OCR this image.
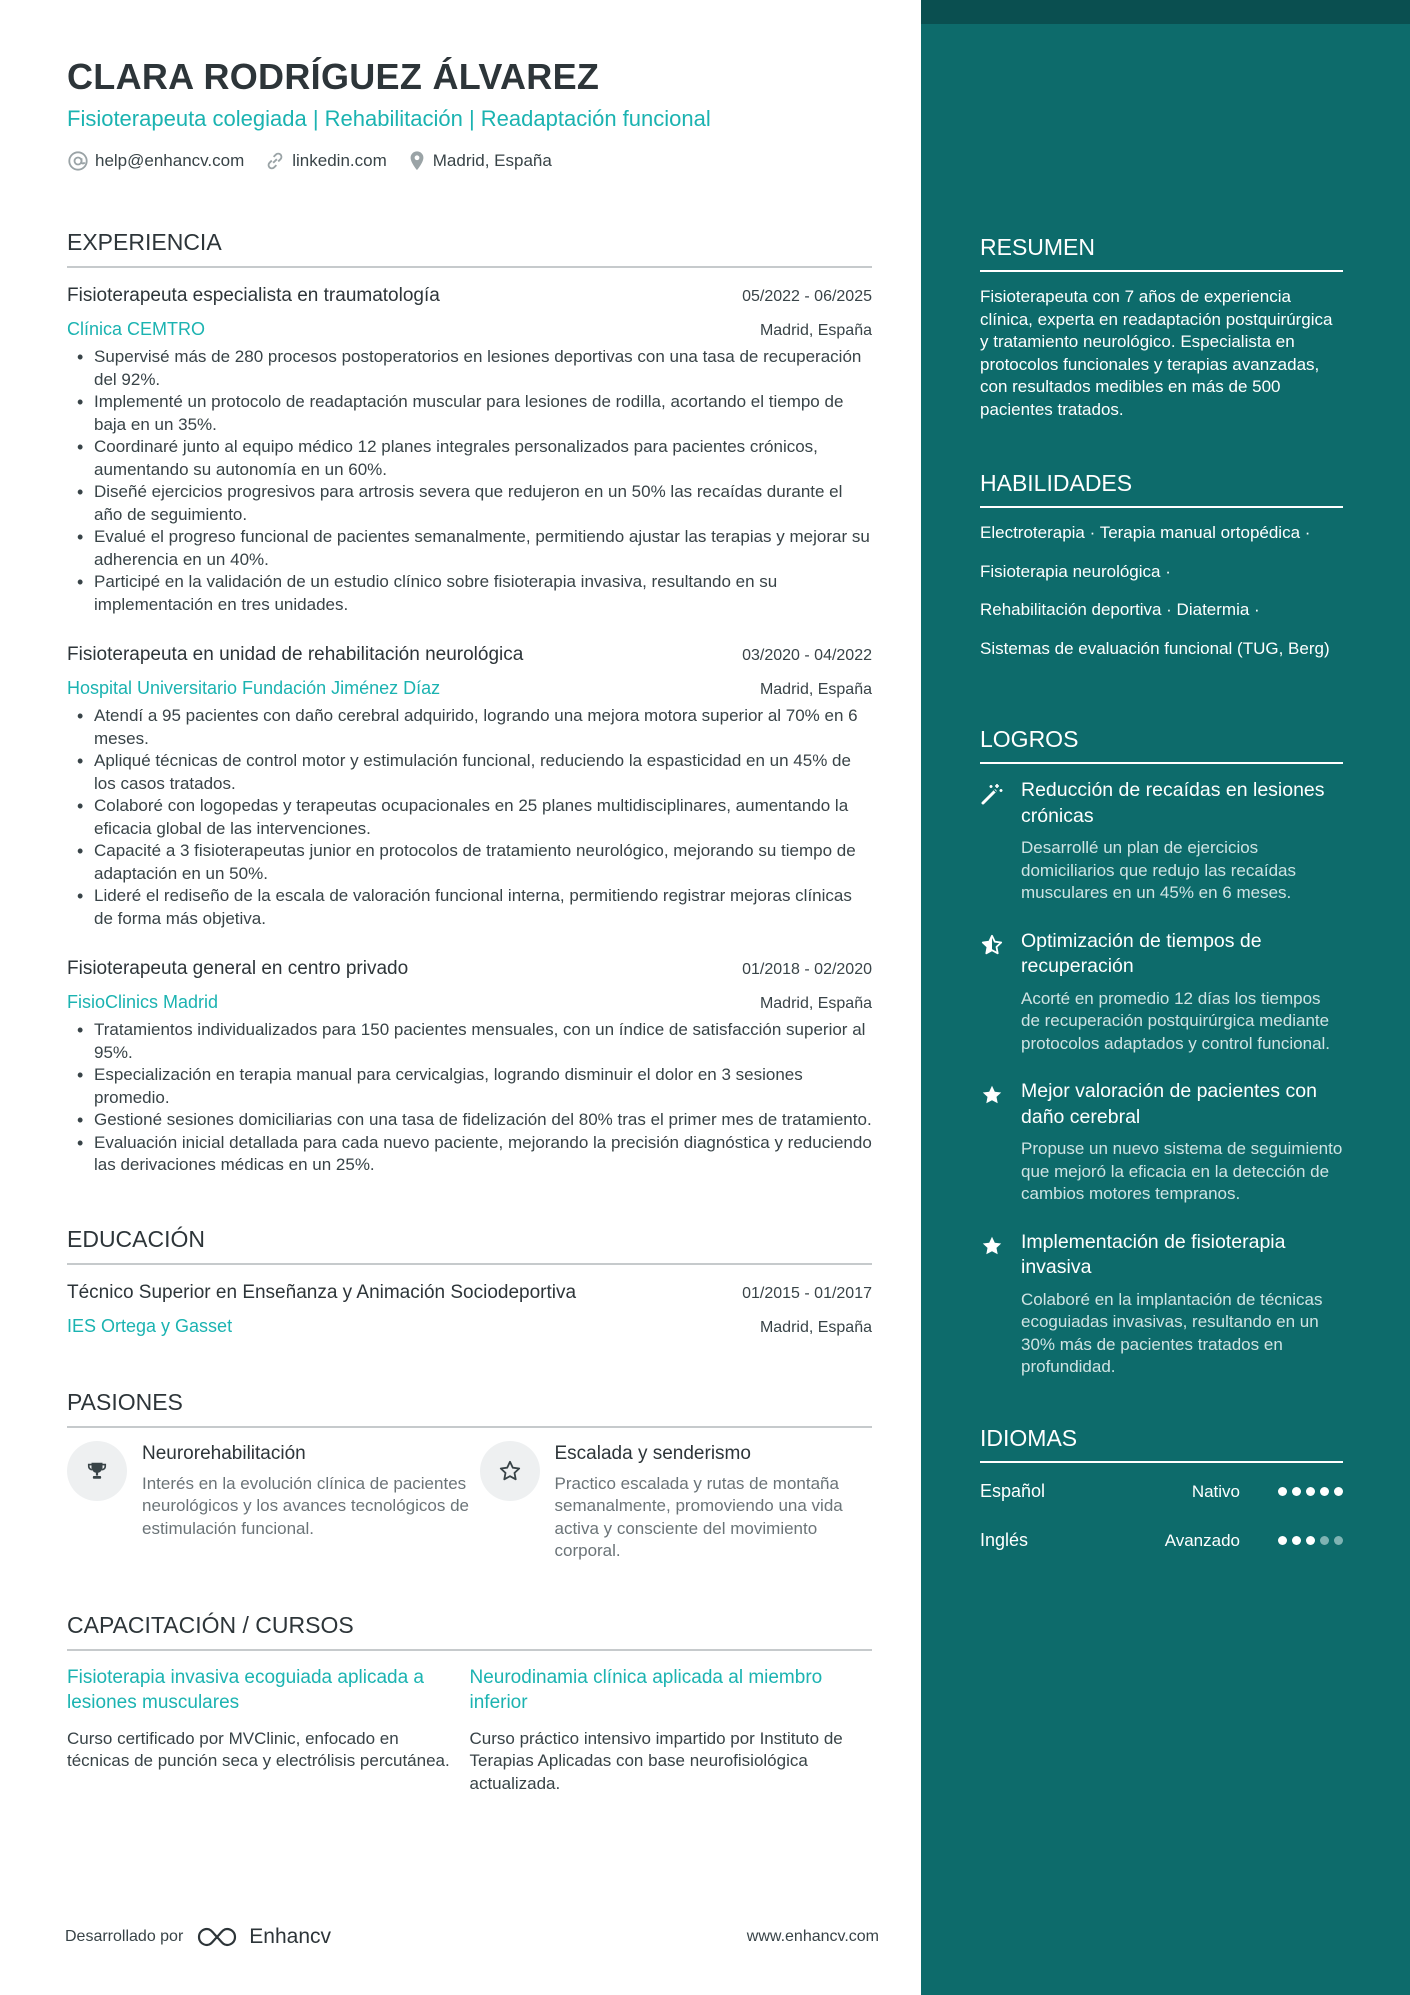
CLARA RODRÍGUEZ ÁLVAREZ
Fisioterapeuta colegiada | Rehabilitación | Readaptación funcional
help@enhancv.com	linkedin.com	Madrid, España
EXPERIENCIA
Fisioterapeuta especialista en traumatología	05/2022 - 06/2025
Clínica CEMTRO	Madrid, España
• Supervisé más de 280 procesos postoperatorios en lesiones deportivas con una tasa de recuperación del 92%.
• Implementé un protocolo de readaptación muscular para lesiones de rodilla, acortando el tiempo de baja en un 35%.
• Coordinaré junto al equipo médico 12 planes integrales personalizados para pacientes crónicos, aumentando su autonomía en un 60%.
• Diseñé ejercicios progresivos para artrosis severa que redujeron en un 50% las recaídas durante el año de seguimiento.
• Evalué el progreso funcional de pacientes semanalmente, permitiendo ajustar las terapias y mejorar su adherencia en un 40%.
• Participé en la validación de un estudio clínico sobre fisioterapia invasiva, resultando en su implementación en tres unidades.
Fisioterapeuta en unidad de rehabilitación neurológica	03/2020 - 04/2022
Hospital Universitario Fundación Jiménez Díaz	Madrid, España
• Atendí a 95 pacientes con daño cerebral adquirido, logrando una mejora motora superior al 70% en 6 meses.
• Apliqué técnicas de control motor y estimulación funcional, reduciendo la espasticidad en un 45% de los casos tratados.
• Colaboré con logopedas y terapeutas ocupacionales en 25 planes multidisciplinares, aumentando la eficacia global de las intervenciones.
• Capacité a 3 fisioterapeutas junior en protocolos de tratamiento neurológico, mejorando su tiempo de adaptación en un 50%.
• Lideré el rediseño de la escala de valoración funcional interna, permitiendo registrar mejoras clínicas de forma más objetiva.
Fisioterapeuta general en centro privado	01/2018 - 02/2020
FisioClinics Madrid	Madrid, España
• Tratamientos individualizados para 150 pacientes mensuales, con un índice de satisfacción superior al 95%.
• Especialización en terapia manual para cervicalgias, logrando disminuir el dolor en 3 sesiones promedio.
• Gestioné sesiones domiciliarias con una tasa de fidelización del 80% tras el primer mes de tratamiento.
• Evaluación inicial detallada para cada nuevo paciente, mejorando la precisión diagnóstica y reduciendo las derivaciones médicas en un 25%.
EDUCACIÓN
Técnico Superior en Enseñanza y Animación Sociodeportiva	01/2015 - 01/2017
IES Ortega y Gasset	Madrid, España
PASIONES
Neurorehabilitación
Interés en la evolución clínica de pacientes neurológicos y los avances tecnológicos de estimulación funcional.
Escalada y senderismo
Practico escalada y rutas de montaña semanalmente, promoviendo una vida activa y consciente del movimiento corporal.
CAPACITACIÓN / CURSOS
Fisioterapia invasiva ecoguiada aplicada a lesiones musculares
Curso certificado por MVClinic, enfocado en técnicas de punción seca y electrólisis percutánea.
Neurodinamia clínica aplicada al miembro inferior
Curso práctico intensivo impartido por Instituto de Terapias Aplicadas con base neurofisiológica actualizada.
Desarrollado por	Enhancv	www.enhancv.com
RESUMEN
Fisioterapeuta con 7 años de experiencia clínica, experta en readaptación postquirúrgica y tratamiento neurológico. Especialista en protocolos funcionales y terapias avanzadas, con resultados medibles en más de 500 pacientes tratados.
HABILIDADES
Electroterapia · Terapia manual ortopédica ·
Fisioterapia neurológica ·
Rehabilitación deportiva · Diatermia ·
Sistemas de evaluación funcional (TUG, Berg)
LOGROS
Reducción de recaídas en lesiones crónicas
Desarrollé un plan de ejercicios domiciliarios que redujo las recaídas musculares en un 45% en 6 meses.
Optimización de tiempos de recuperación
Acorté en promedio 12 días los tiempos de recuperación postquirúrgica mediante protocolos adaptados y control funcional.
Mejor valoración de pacientes con daño cerebral
Propuse un nuevo sistema de seguimiento que mejoró la eficacia en la detección de cambios motores tempranos.
Implementación de fisioterapia invasiva
Colaboré en la implantación de técnicas ecoguiadas invasivas, resultando en un 30% más de pacientes tratados en profundidad.
IDIOMAS
Español	Nativo
Inglés	Avanzado
